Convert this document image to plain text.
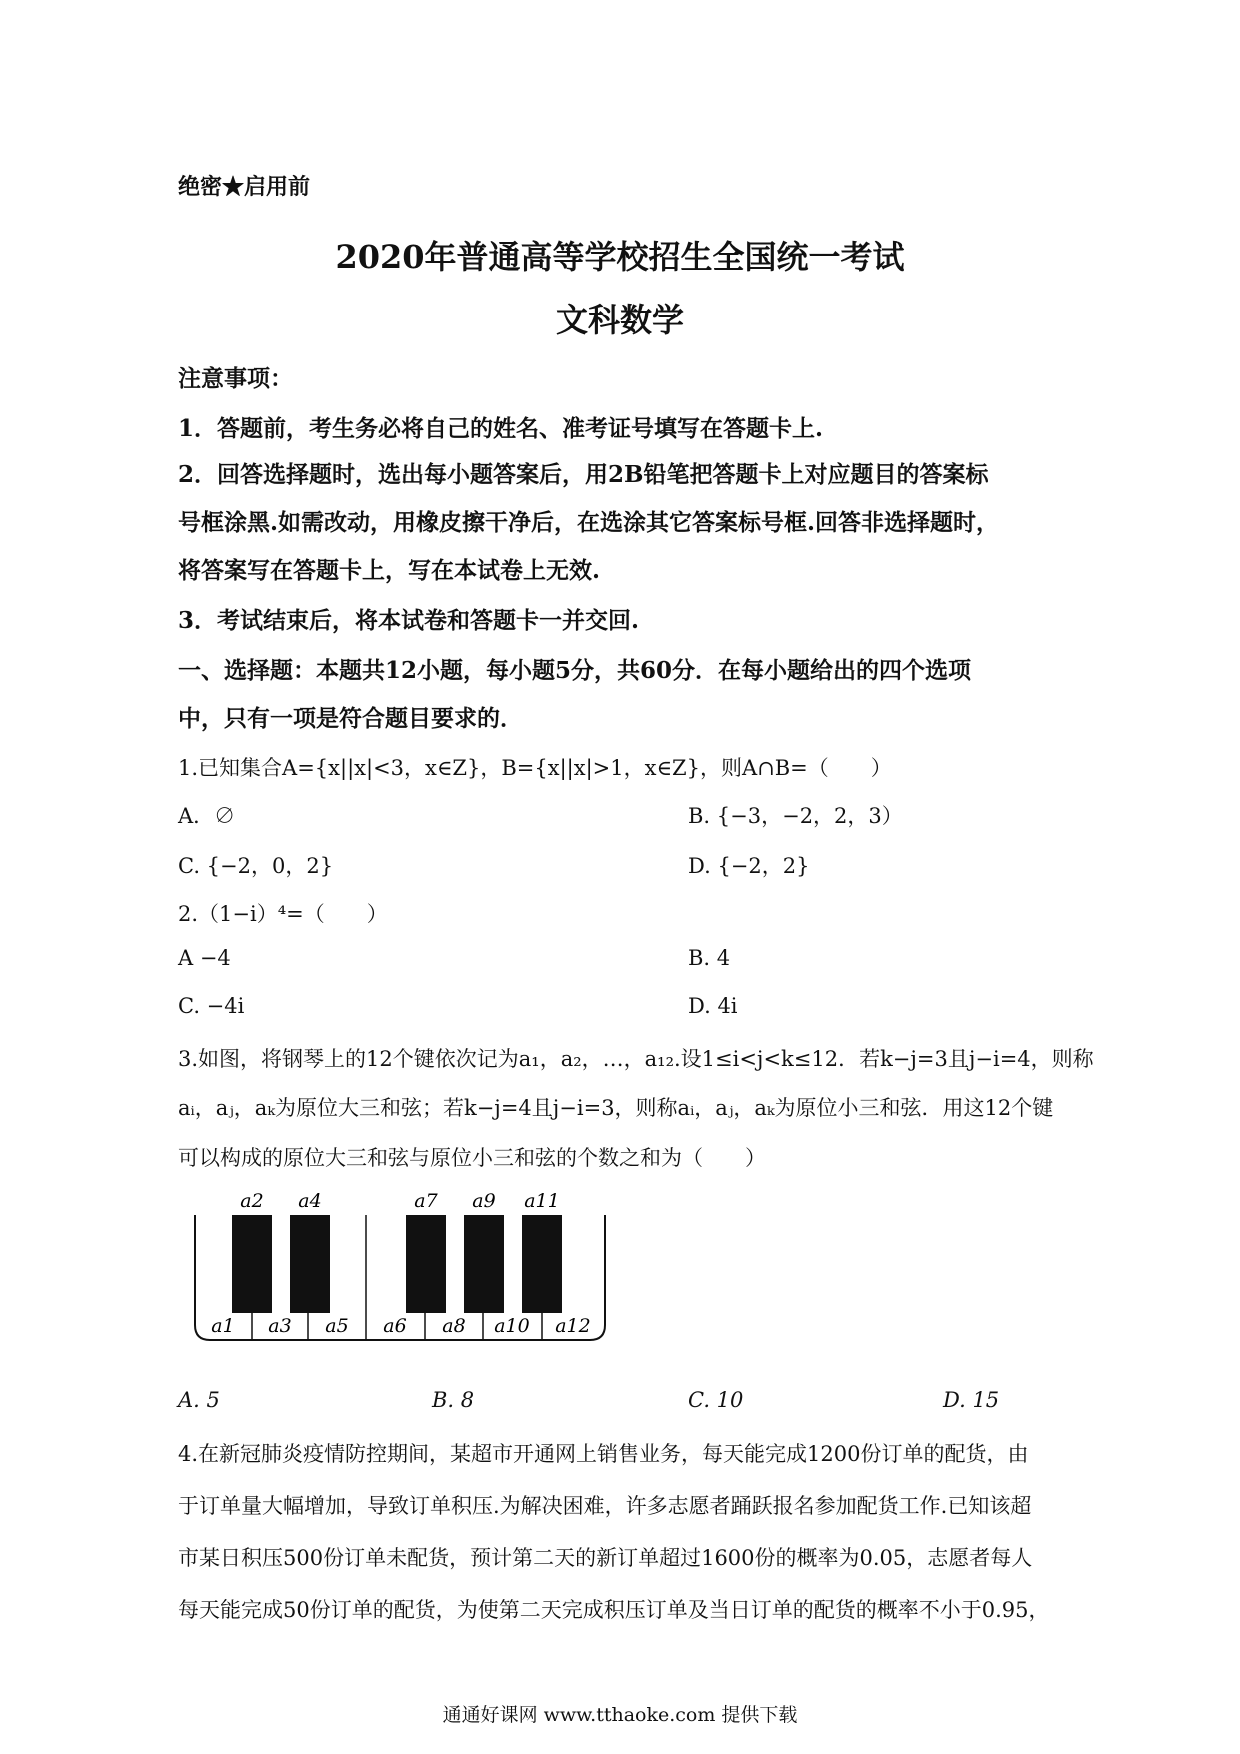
绝密★启用前
2020年普通高等学校招生全国统一考试
文科数学
注意事项：
1．答题前，考生务必将自己的姓名、准考证号填写在答题卡上.
2．回答选择题时，选出每小题答案后，用2B铅笔把答题卡上对应题目的答案标
号框涂黑.如需改动，用橡皮擦干净后，在选涂其它答案标号框.回答非选择题时，
将答案写在答题卡上，写在本试卷上无效.
3．考试结束后，将本试卷和答题卡一并交回.
一、选择题：本题共12小题，每小题5分，共60分．在每小题给出的四个选项
中，只有一项是符合题目要求的．
1.已知集合A={x||x|<3，x∈Z}，B={x||x|>1，x∈Z}，则A∩B=（　　）
A．∅	B. {−3，−2，2，3）
C. {−2，0，2}	D. {−2，2}
2.（1−i）⁴=（　　）
A −4	B. 4
C. −4i	D. 4i
3.如图，将钢琴上的12个键依次记为a₁，a₂，…，a₁₂.设1≤i<j<k≤12．若k−j=3且j−i=4，则称
aᵢ，aⱼ，aₖ为原位大三和弦；若k−j=4且j−i=3，则称aᵢ，aⱼ，aₖ为原位小三和弦．用这12个键
可以构成的原位大三和弦与原位小三和弦的个数之和为（　　）
a2 a4	a7 a9 a11
a1 a3 a5 a6 a8 a10 a12
A. 5	B. 8	C. 10	D. 15
4.在新冠肺炎疫情防控期间，某超市开通网上销售业务，每天能完成1200份订单的配货，由
于订单量大幅增加，导致订单积压.为解决困难，许多志愿者踊跃报名参加配货工作.已知该超
市某日积压500份订单未配货，预计第二天的新订单超过1600份的概率为0.05，志愿者每人
每天能完成50份订单的配货，为使第二天完成积压订单及当日订单的配货的概率不小于0.95，
通通好课网 www.tthaoke.com 提供下载
